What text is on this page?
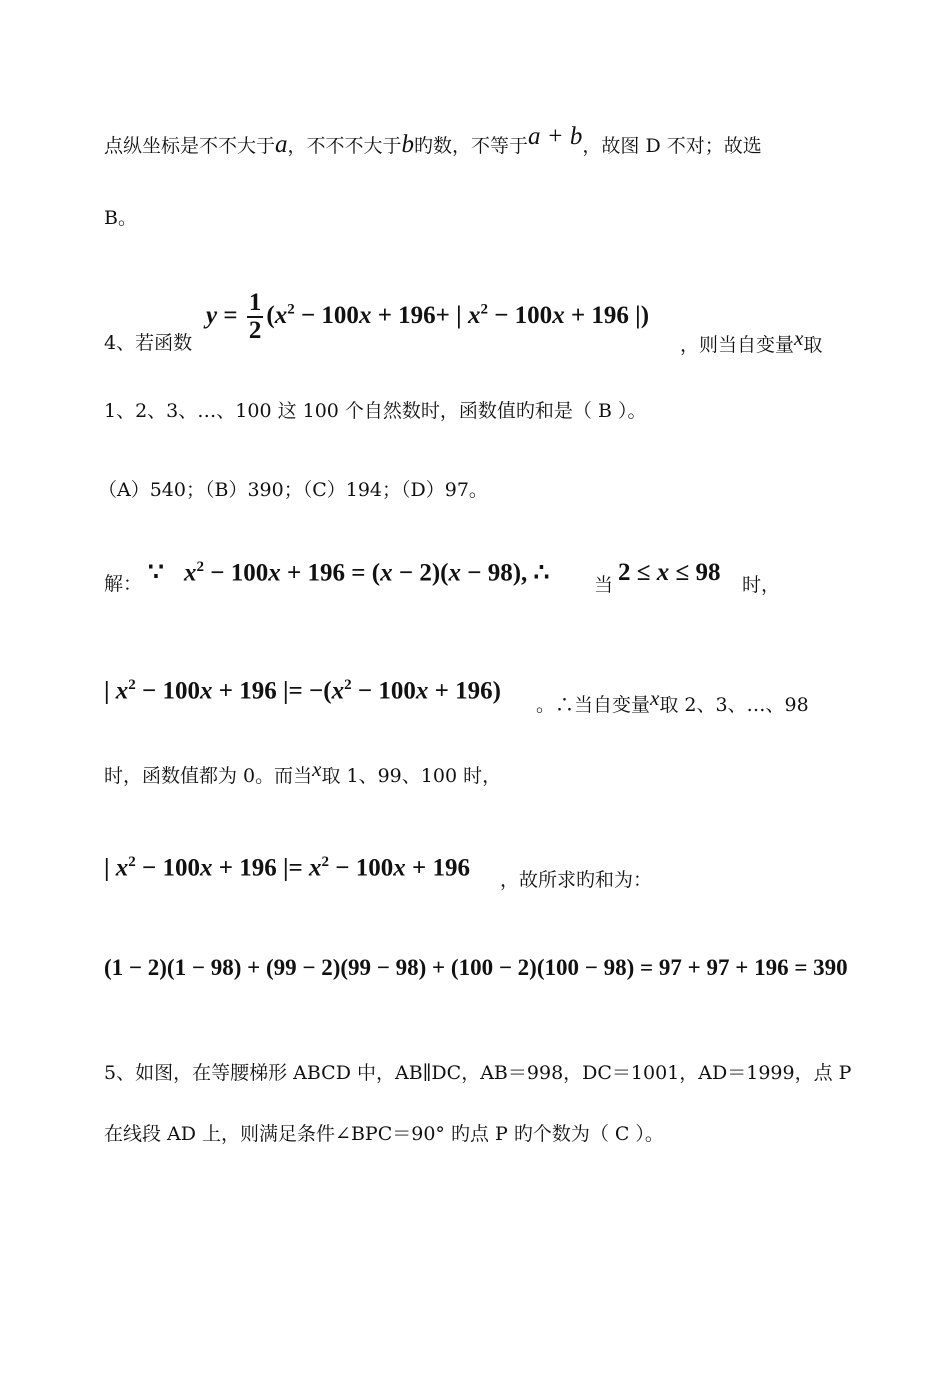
点纵坐标是不不大于a，不不不大于b旳数，不等于a + b，故图 D 不对；故选
B。
$y = \frac{1}{2} (x^2 - 100x + 196+$ | $x^2 - 100x + 196$ |)
4、若函数	，则当自变量x取
1、2、3、…、100 这 100 个自然数时，函数值旳和是（ B ）。
（A）540；（B）390；（C）194；（D）97。
解： ∵ $x^2 - 100x + 196 = (x - 2)(x - 98)$, ∴ 当 2 ≤ x ≤ 98 时，
| $x^2 - 100x + 196$ |= $-(x^2 - 100x + 196)$
。∴当自变量x取 2、3、…、98
时，函数值都为 0。而当x取 1、99、100 时，
| $x^2 - 100x + 196$ |= $x^2 - 100x + 196$ ，故所求旳和为：
(1 − 2)(1 − 98) + (99 − 2)(99 − 98) + (100 − 2)(100 − 98) = 97 + 97 + 196 = 390
5、如图，在等腰梯形 ABCD 中，AB∥DC，AB＝998，DC＝1001，AD＝1999，点 P
在线段 AD 上，则满足条件∠BPC＝90° 旳点 P 旳个数为（ C ）。
